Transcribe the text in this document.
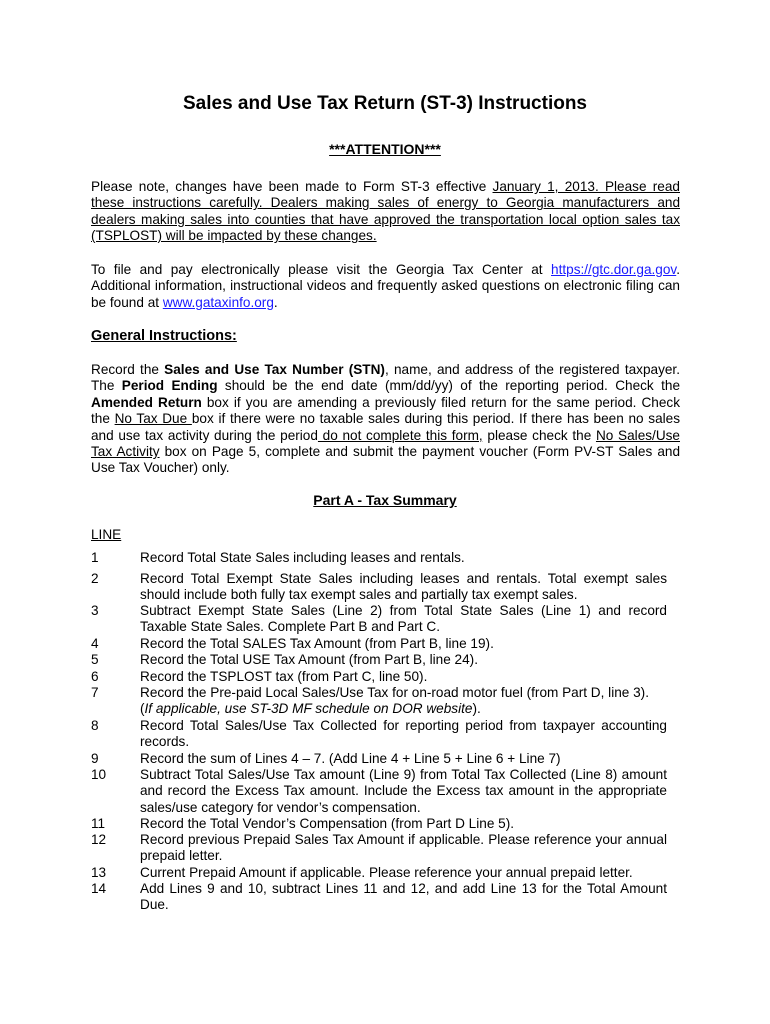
Sales and Use Tax Return (ST-3) Instructions
***ATTENTION***
Please note, changes have been made to Form ST-3 effective January 1, 2013. Please read these instructions carefully. Dealers making sales of energy to Georgia manufacturers and dealers making sales into counties that have approved the transportation local option sales tax (TSPLOST) will be impacted by these changes.
To file and pay electronically please visit the Georgia Tax Center at https://gtc.dor.ga.gov. Additional information, instructional videos and frequently asked questions on electronic filing can be found at www.gataxinfo.org.
General Instructions:
Record the Sales and Use Tax Number (STN), name, and address of the registered taxpayer. The Period Ending should be the end date (mm/dd/yy) of the reporting period. Check the Amended Return box if you are amending a previously filed return for the same period. Check the No Tax Due box if there were no taxable sales during this period. If there has been no sales and use tax activity during the period do not complete this form, please check the No Sales/Use Tax Activity box on Page 5, complete and submit the payment voucher (Form PV-ST Sales and Use Tax Voucher) only.
Part A - Tax Summary
LINE
1	Record Total State Sales including leases and rentals.
2	Record Total Exempt State Sales including leases and rentals. Total exempt sales should include both fully tax exempt sales and partially tax exempt sales.
3	Subtract Exempt State Sales (Line 2) from Total State Sales (Line 1) and record Taxable State Sales. Complete Part B and Part C.
4	Record the Total SALES Tax Amount (from Part B, line 19).
5	Record the Total USE Tax Amount (from Part B, line 24).
6	Record the TSPLOST tax (from Part C, line 50).
7	Record the Pre-paid Local Sales/Use Tax for on-road motor fuel (from Part D, line 3).
(If applicable, use ST-3D MF schedule on DOR website).
8	Record Total Sales/Use Tax Collected for reporting period from taxpayer accounting records.
9	Record the sum of Lines 4 – 7. (Add Line 4 + Line 5 + Line 6 + Line 7)
10 Subtract Total Sales/Use Tax amount (Line 9) from Total Tax Collected (Line 8) amount and record the Excess Tax amount. Include the Excess tax amount in the appropriate sales/use category for vendor’s compensation.
11	Record the Total Vendor’s Compensation (from Part D Line 5).
12 Record previous Prepaid Sales Tax Amount if applicable. Please reference your annual prepaid letter.
13 Current Prepaid Amount if applicable. Please reference your annual prepaid letter.
14 Add Lines 9 and 10, subtract Lines 11 and 12, and add Line 13 for the Total Amount Due.
